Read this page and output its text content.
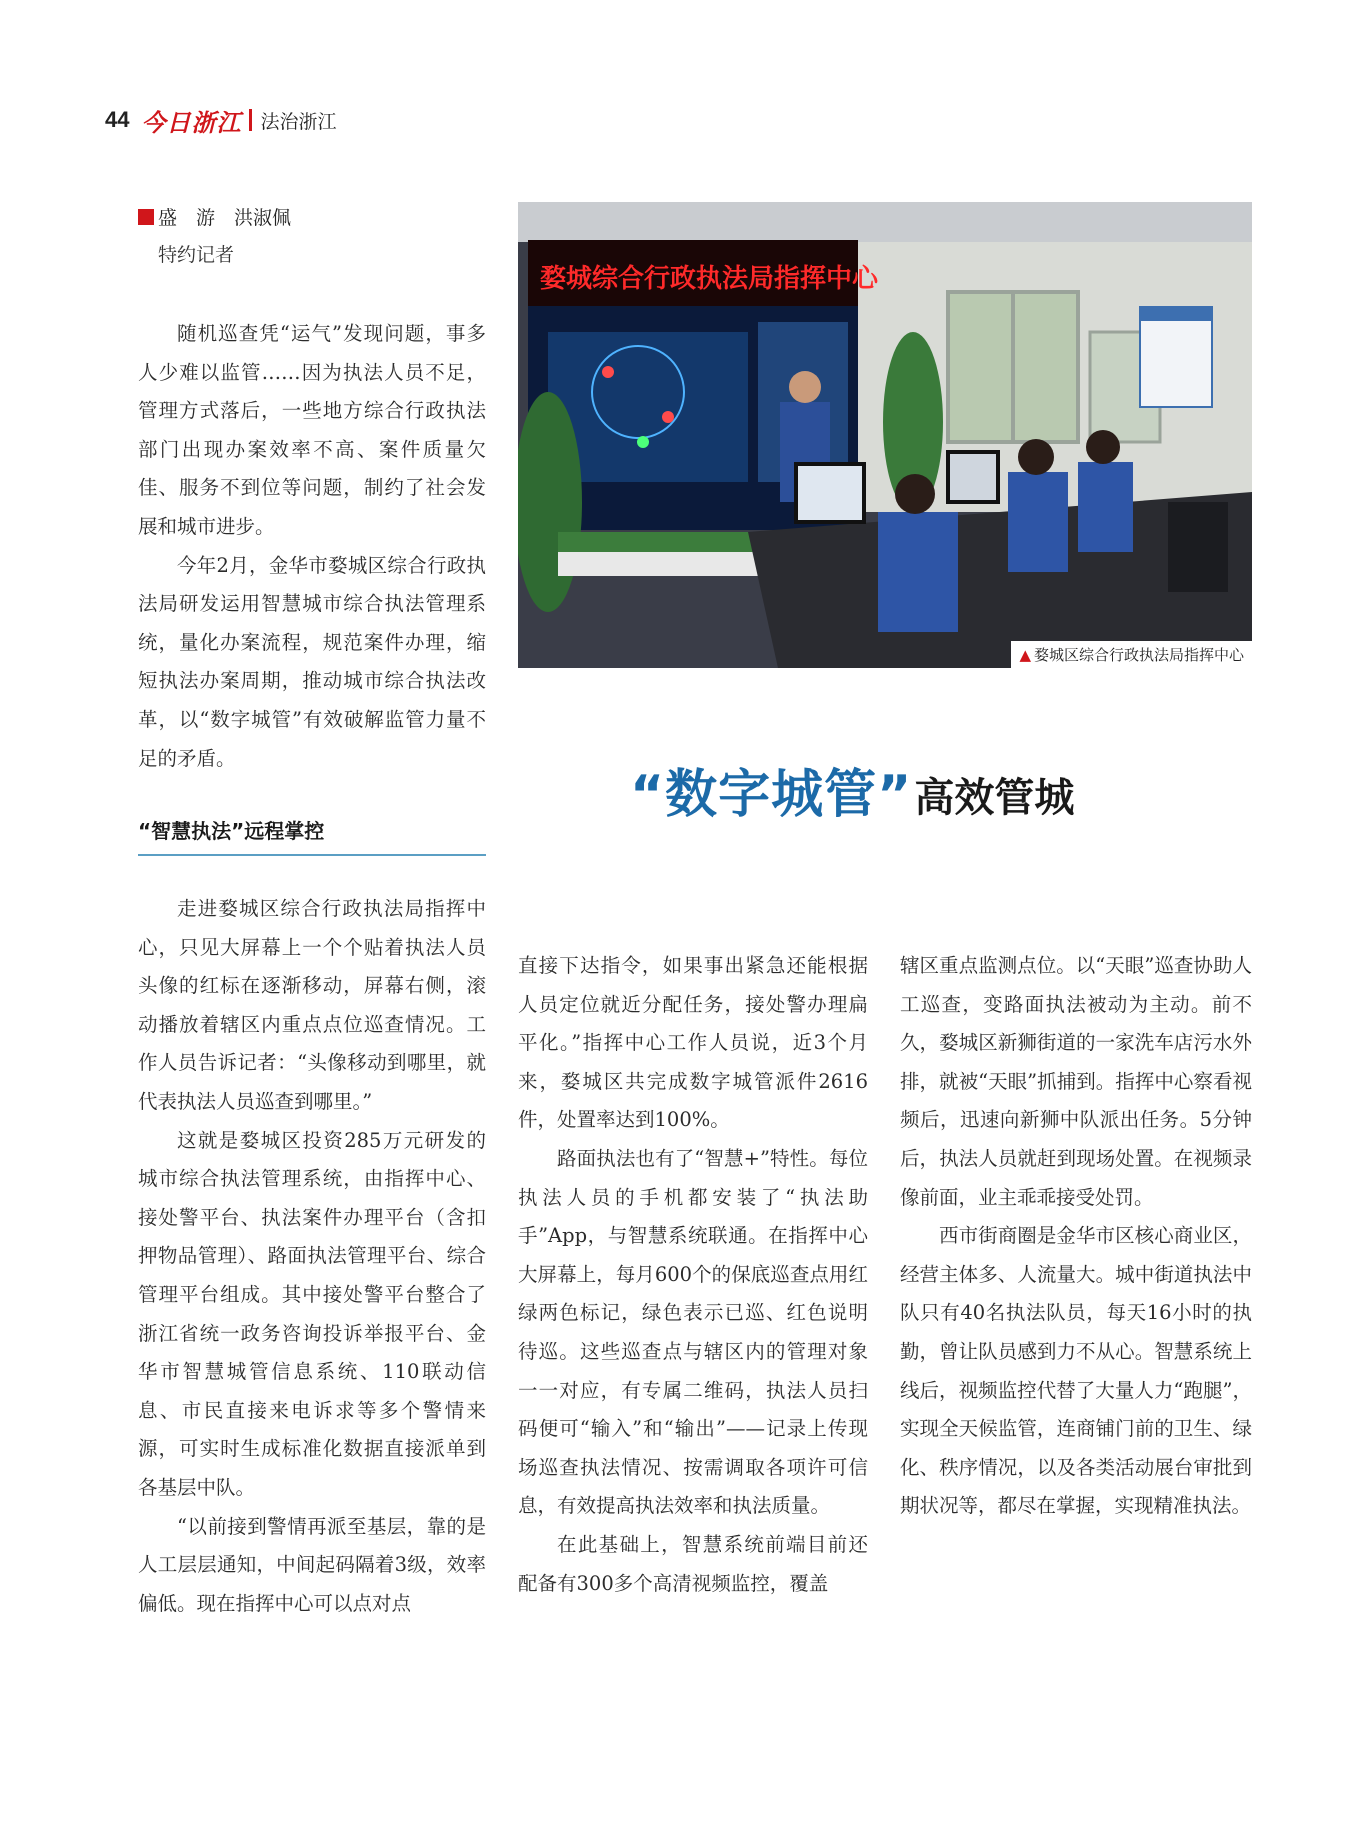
44 今日浙江 法治浙江
盛　游　洪淑佩
特约记者

随机巡查凭“运气”发现问题，事多人少难以监管……因为执法人员不足，管理方式落后，一些地方综合行政执法部门出现办案效率不高、案件质量欠佳、服务不到位等问题，制约了社会发展和城市进步。

今年2月，金华市婺城区综合行政执法局研发运用智慧城市综合执法管理系统，量化办案流程，规范案件办理，缩短执法办案周期，推动城市综合执法改革，以“数字城管”有效破解监管力量不足的矛盾。

“智慧执法”远程掌控

走进婺城区综合行政执法局指挥中心，只见大屏幕上一个个贴着执法人员头像的红标在逐渐移动，屏幕右侧，滚动播放着辖区内重点点位巡查情况。工作人员告诉记者：“头像移动到哪里，就代表执法人员巡查到哪里。”

这就是婺城区投资285万元研发的城市综合执法管理系统，由指挥中心、接处警平台、执法案件办理平台（含扣押物品管理）、路面执法管理平台、综合管理平台组成。其中接处警平台整合了浙江省统一政务咨询投诉举报平台、金华市智慧城管信息系统、110联动信息、市民直接来电诉求等多个警情来源，可实时生成标准化数据直接派单到各基层中队。

“以前接到警情再派至基层，靠的是人工层层通知，中间起码隔着3级，效率偏低。现在指挥中心可以点对点

婺城综合行政执法局指挥中心
▲ 婺城区综合行政执法局指挥中心
“数字城管” 高效管城

直接下达指令，如果事出紧急还能根据人员定位就近分配任务，接处警办理扁平化。”指挥中心工作人员说，近3个月来，婺城区共完成数字城管派件2616件，处置率达到100%。

路面执法也有了“智慧+”特性。每位执法人员的手机都安装了“执法助手”App，与智慧系统联通。在指挥中心大屏幕上，每月600个的保底巡查点用红绿两色标记，绿色表示已巡、红色说明待巡。这些巡查点与辖区内的管理对象一一对应，有专属二维码，执法人员扫码便可“输入”和“输出”——记录上传现场巡查执法情况、按需调取各项许可信息，有效提高执法效率和执法质量。

在此基础上，智慧系统前端目前还配备有300多个高清视频监控，覆盖

辖区重点监测点位。以“天眼”巡查协助人工巡查，变路面执法被动为主动。前不久，婺城区新狮街道的一家洗车店污水外排，就被“天眼”抓捕到。指挥中心察看视频后，迅速向新狮中队派出任务。5分钟后，执法人员就赶到现场处置。在视频录像前面，业主乖乖接受处罚。

西市街商圈是金华市区核心商业区，经营主体多、人流量大。城中街道执法中队只有40名执法队员，每天16小时的执勤，曾让队员感到力不从心。智慧系统上线后，视频监控代替了大量人力“跑腿”，实现全天候监管，连商铺门前的卫生、绿化、秩序情况，以及各类活动展台审批到期状况等，都尽在掌握，实现精准执法。
